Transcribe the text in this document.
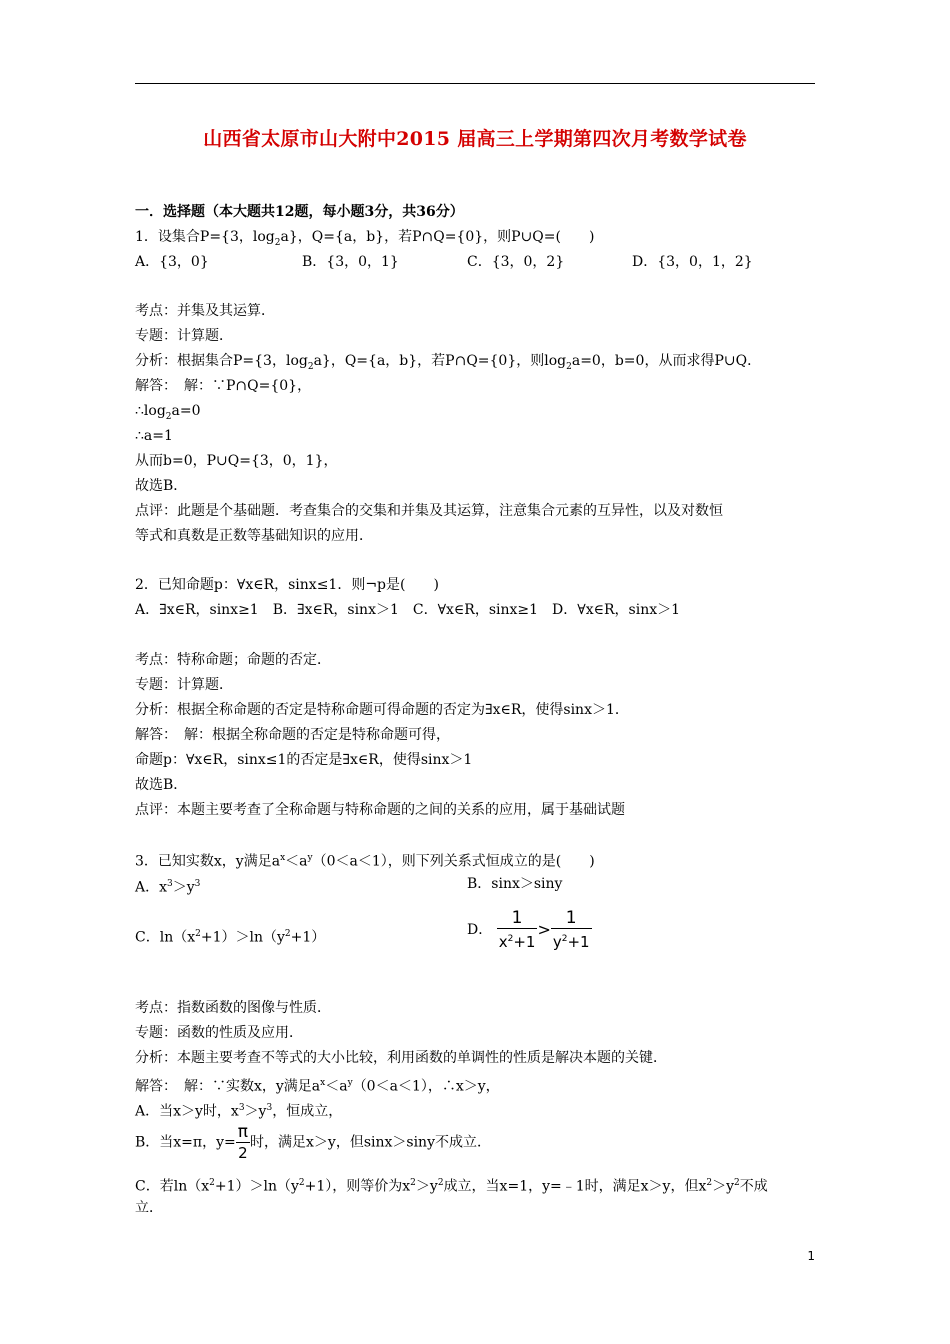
山西省太原市山大附中2015 届高三上学期第四次月考数学试卷
一．选择题（本大题共12题，每小题3分，共36分）
1．设集合P={3，$\log_2a$}，Q={a，b}，若P∩Q={0}，则P∪Q=(　　)
A．{3，0}	B．{3，0，1}	C．{3，0，2}	D．{3，0，1，2}
考点：并集及其运算．
专题：计算题．
分析：根据集合P={3，$\log_2a$}，Q={a，b}，若P∩Q={0}，则$\log_2a=0$，b=0，从而求得P∪Q．
解答：　解：∵P∩Q={0}，
$\therefore\log_2a=0$
∴a=1
从而b=0，P∪Q={3，0，1}，
故选B．
点评：此题是个基础题．考查集合的交集和并集及其运算，注意集合元素的互异性，以及对数恒
等式和真数是正数等基础知识的应用．
2．已知命题p：∀x∈R，sinx≤1．则¬p是(　　)
A．∃x∈R，sinx≥1　B．∃x∈R，sinx＞1　C．∀x∈R，sinx≥1　D．∀x∈R，sinx＞1
考点：特称命题；命题的否定．
专题：计算题．
分析：根据全称命题的否定是特称命题可得命题的否定为∃x∈R，使得sinx＞1．
解答：　解：根据全称命题的否定是特称命题可得，
命题p：∀x∈R，sinx≤1的否定是∃x∈R，使得sinx＞1
故选B．
点评：本题主要考查了全称命题与特称命题的之间的关系的应用，属于基础试题
3．已知实数x，y满足$a^x<a^y(0<a<1)$，则下列关系式恒成立的是(　　)
A．$x^3>y^3$	B．sinx＞siny
C．$\ln(x^2+1)>\ln(y^2+1)$	D． $\frac{1}{x^2+1} > \frac{1}{y^2+1}$
考点：指数函数的图像与性质．
专题：函数的性质及应用．
分析：本题主要考查不等式的大小比较，利用函数的单调性的性质是解决本题的关键．
解答：　解：∵实数x，y满足$a^x<a^y(0<a<1)$，∴x＞y，
A．当x＞y时，$x^3>y^3$，恒成立，
B．当x=π，$y= \frac{\pi}{2}$ 时，满足x＞y，但sinx＞siny不成立．
C．若$\ln(x^2+1)>\ln(y^2+1)$，则等价为$x^2>y^2$成立，当x=1，y=﹣1时，满足x＞y，但$x^2>y^2$不成
立．
1
